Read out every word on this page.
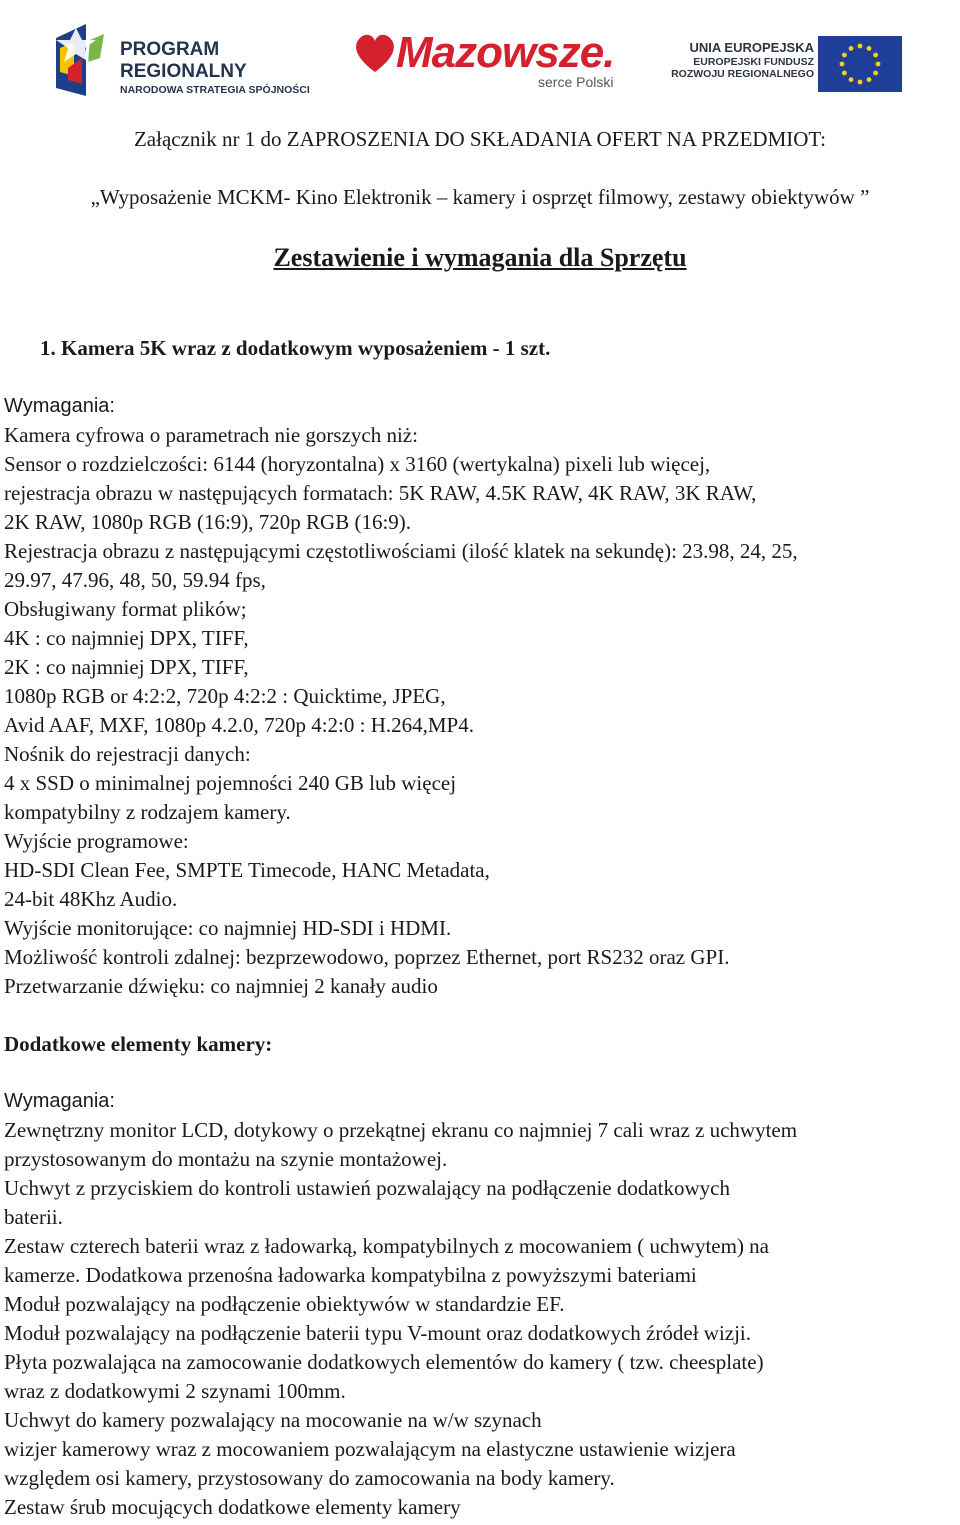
PROGRAM
REGIONALNY
NARODOWA STRATEGIA SPÓJNOŚCI
Mazowsze.
serce Polski
UNIA EUROPEJSKA
EUROPEJSKI FUNDUSZ
ROZWOJU REGIONALNEGO
Załącznik nr 1 do ZAPROSZENIA DO SKŁADANIA OFERT NA PRZEDMIOT:
„Wyposażenie MCKM- Kino Elektronik – kamery i osprzęt filmowy, zestawy obiektywów ”
Zestawienie i wymagania dla Sprzętu
1. Kamera 5K wraz z dodatkowym wyposażeniem - 1 szt.
Wymagania:
Kamera cyfrowa o parametrach nie gorszych niż:
Sensor o rozdzielczości: 6144 (horyzontalna) x 3160 (wertykalna) pixeli lub więcej,
rejestracja obrazu w następujących formatach: 5K RAW, 4.5K RAW, 4K RAW, 3K RAW,
2K RAW, 1080p RGB (16:9), 720p RGB (16:9).
Rejestracja obrazu z następującymi częstotliwościami (ilość klatek na sekundę): 23.98, 24, 25,
29.97, 47.96, 48, 50, 59.94 fps,
Obsługiwany format plików;
4K : co najmniej DPX, TIFF,
2K : co najmniej DPX, TIFF,
1080p RGB or 4:2:2, 720p 4:2:2 : Quicktime, JPEG,
Avid AAF, MXF, 1080p 4.2.0, 720p 4:2:0 : H.264,MP4.
Nośnik do rejestracji danych:
4 x SSD o minimalnej pojemności 240 GB lub więcej
kompatybilny z rodzajem kamery.
Wyjście programowe:
HD-SDI Clean Fee, SMPTE Timecode, HANC Metadata,
24-bit 48Khz Audio.
Wyjście monitorujące: co najmniej HD-SDI i HDMI.
Możliwość kontroli zdalnej: bezprzewodowo, poprzez Ethernet, port RS232 oraz GPI.
Przetwarzanie dźwięku: co najmniej 2 kanały audio
Dodatkowe elementy kamery:
Wymagania:
Zewnętrzny monitor LCD, dotykowy o przekątnej ekranu co najmniej 7 cali wraz z uchwytem
przystosowanym do montażu na szynie montażowej.
Uchwyt z przyciskiem do kontroli ustawień pozwalający na podłączenie dodatkowych
baterii.
Zestaw czterech baterii wraz z ładowarką, kompatybilnych z mocowaniem ( uchwytem) na
kamerze. Dodatkowa przenośna ładowarka kompatybilna z powyższymi bateriami
Moduł pozwalający na podłączenie obiektywów w standardzie EF.
Moduł pozwalający na podłączenie baterii typu V-mount oraz dodatkowych źródeł wizji.
Płyta pozwalająca na zamocowanie dodatkowych elementów do kamery ( tzw. cheesplate)
wraz z dodatkowymi 2 szynami 100mm.
Uchwyt do kamery pozwalający na mocowanie na w/w szynach
wizjer kamerowy wraz z mocowaniem pozwalającym na elastyczne ustawienie wizjera
względem osi kamery, przystosowany do zamocowania na body kamery.
Zestaw śrub mocujących dodatkowe elementy kamery
